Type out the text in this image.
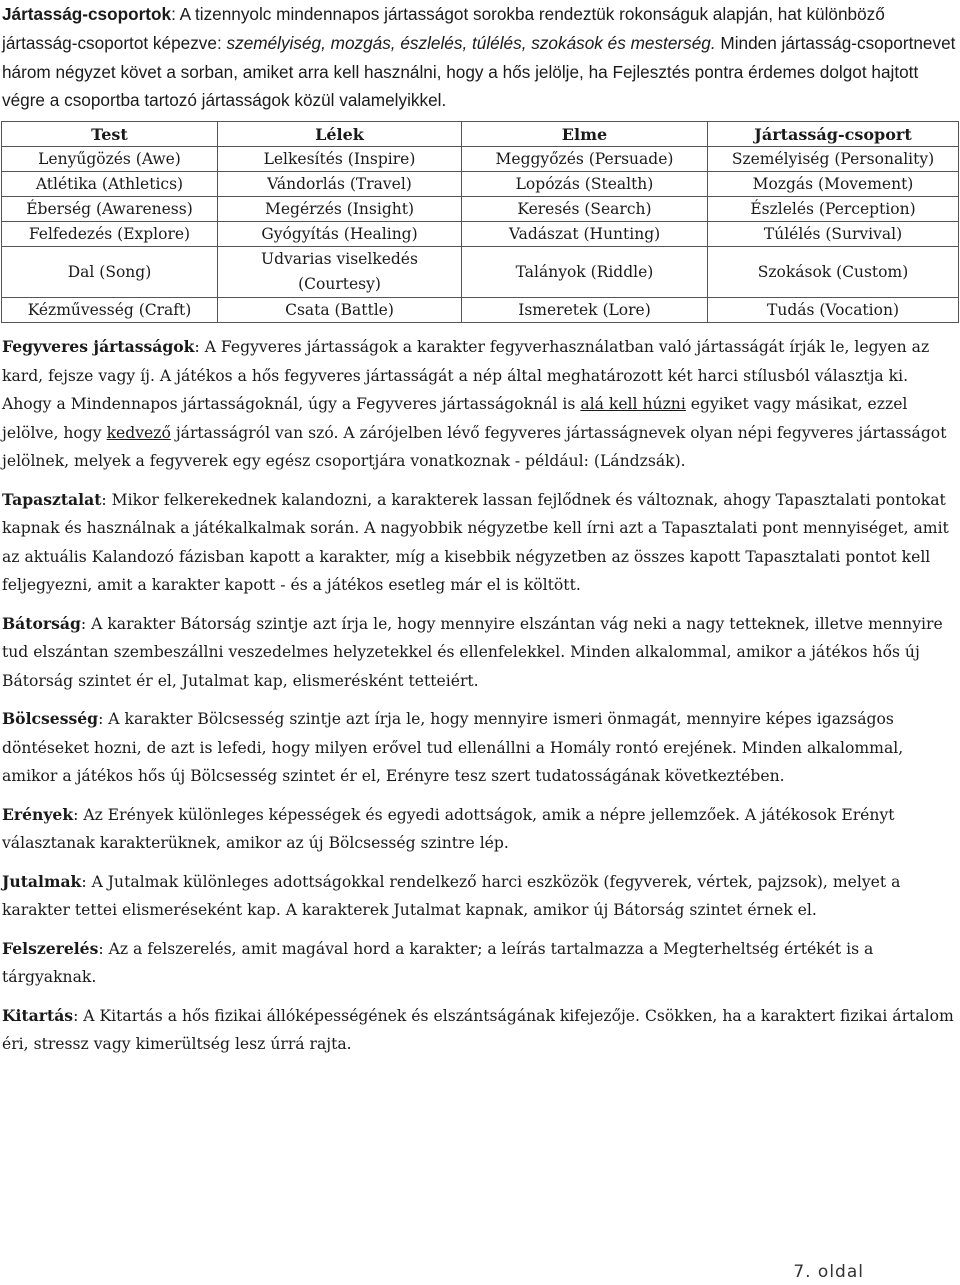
Jártasság-csoportok: A tizennyolc mindennapos jártasságot sorokba rendeztük rokonságuk alapján, hat különböző jártasság-csoportot képezve: személyiség, mozgás, észlelés, túlélés, szokások és mesterség. Minden jártasság-csoportnevet három négyzet követ a sorban, amiket arra kell használni, hogy a hős jelölje, ha Fejlesztés pontra érdemes dolgot hajtott végre a csoportba tartozó jártasságok közül valamelyikkel.
Test	Lélek	Elme	Jártasság-csoport
Lenyűgözés (Awe)	Lelkesítés (Inspire)	Meggyőzés (Persuade)	Személyiség (Personality)
Atlétika (Athletics)	Vándorlás (Travel)	Lopózás (Stealth)	Mozgás (Movement)
Éberség (Awareness)	Megérzés (Insight)	Keresés (Search)	Észlelés (Perception)
Felfedezés (Explore)	Gyógyítás (Healing)	Vadászat (Hunting)	Túlélés (Survival)
Dal (Song)	Udvarias viselkedés (Courtesy)	Talányok (Riddle)	Szokások (Custom)
Kézművesség (Craft)	Csata (Battle)	Ismeretek (Lore)	Tudás (Vocation)

Fegyveres jártasságok: A Fegyveres jártasságok a karakter fegyverhasználatban való jártasságát írják le, legyen az kard, fejsze vagy íj. A játékos a hős fegyveres jártasságát a nép által meghatározott két harci stílusból választja ki. Ahogy a Mindennapos jártasságoknál, úgy a Fegyveres jártasságoknál is alá kell húzni egyiket vagy másikat, ezzel jelölve, hogy kedvező jártasságról van szó. A zárójelben lévő fegyveres jártasságnevek olyan népi fegyveres jártasságot jelölnek, melyek a fegyverek egy egész csoportjára vonatkoznak - például: (Lándzsák).

Tapasztalat: Mikor felkerekednek kalandozni, a karakterek lassan fejlődnek és változnak, ahogy Tapasztalati pontokat kapnak és használnak a játékalkalmak során. A nagyobbik négyzetbe kell írni azt a Tapasztalati pont mennyiséget, amit az aktuális Kalandozó fázisban kapott a karakter, míg a kisebbik négyzetben az összes kapott Tapasztalati pontot kell feljegyezni, amit a karakter kapott - és a játékos esetleg már el is költött.

Bátorság: A karakter Bátorság szintje azt írja le, hogy mennyire elszántan vág neki a nagy tetteknek, illetve mennyire tud elszántan szembeszállni veszedelmes helyzetekkel és ellenfelekkel. Minden alkalommal, amikor a játékos hős új Bátorság szintet ér el, Jutalmat kap, elismerésként tetteiért.

Bölcsesség: A karakter Bölcsesség szintje azt írja le, hogy mennyire ismeri önmagát, mennyire képes igazságos döntéseket hozni, de azt is lefedi, hogy milyen erővel tud ellenállni a Homály rontó erejének. Minden alkalommal, amikor a játékos hős új Bölcsesség szintet ér el, Erényre tesz szert tudatosságának következtében.

Erények: Az Erények különleges képességek és egyedi adottságok, amik a népre jellemzőek. A játékosok Erényt választanak karakterüknek, amikor az új Bölcsesség szintre lép.

Jutalmak: A Jutalmak különleges adottságokkal rendelkező harci eszközök (fegyverek, vértek, pajzsok), melyet a karakter tettei elismeréseként kap. A karakterek Jutalmat kapnak, amikor új Bátorság szintet érnek el.

Felszerelés: Az a felszerelés, amit magával hord a karakter; a leírás tartalmazza a Megterheltség értékét is a tárgyaknak.

Kitartás: A Kitartás a hős fizikai állóképességének és elszántságának kifejezője. Csökken, ha a karaktert fizikai ártalom éri, stressz vagy kimerültség lesz úrrá rajta.

7. oldal
